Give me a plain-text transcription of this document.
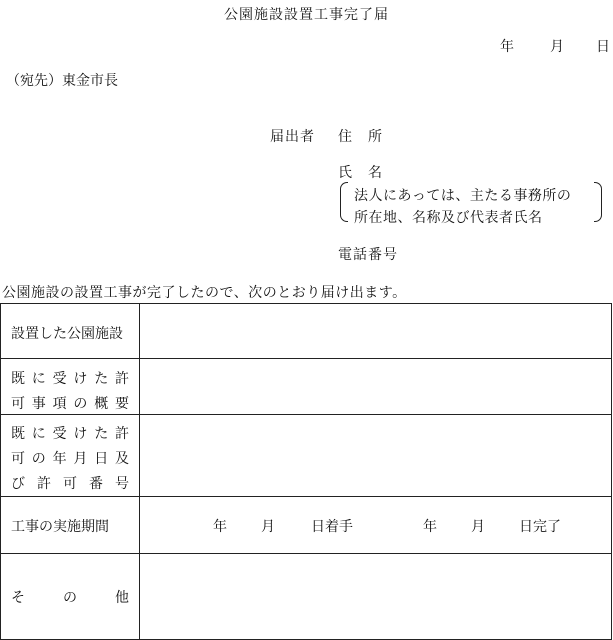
公園施設設置工事完了届
年	月 日
（宛先）東金市長
届出者 住　所
氏　名
法人にあっては、主たる事務所の
所在地、名称及び代表者氏名
電話番号
公園施設の設置工事が完了したので、次のとおり届け出ます。
設置した公園施設
既 に 受 け た 許
可 事 項 の 概 要
既 に 受 け た 許
可 の 年 月 日 及
び 許 可 番 号
工事の実施期間	年 月	日着手	年 月 日完了
そ	の	他
